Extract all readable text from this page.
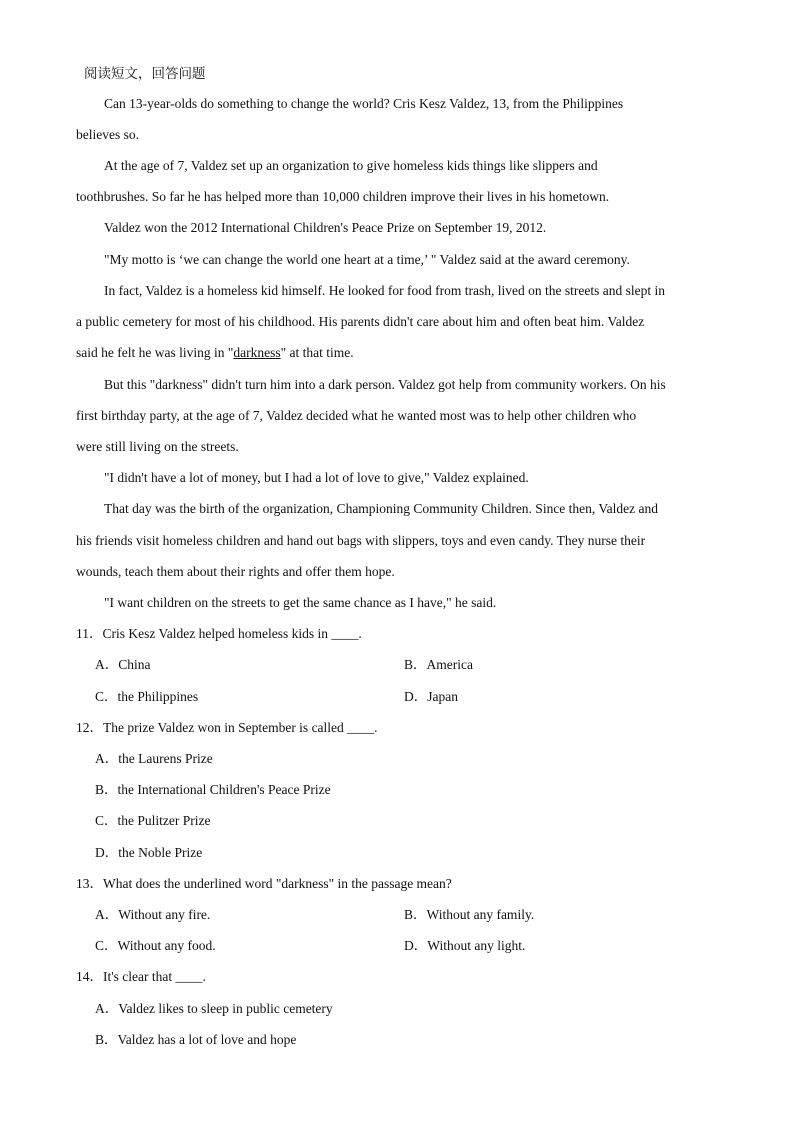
阅读短文，回答问题
Can 13-year-olds do something to change the world? Cris Kesz Valdez, 13, from the Philippines
believes so.
At the age of 7, Valdez set up an organization to give homeless kids things like slippers and
toothbrushes. So far he has helped more than 10,000 children improve their lives in his hometown.
Valdez won the 2012 International Children's Peace Prize on September 19, 2012.
"My motto is ‘we can change the world one heart at a time,’ " Valdez said at the award ceremony.
In fact, Valdez is a homeless kid himself. He looked for food from trash, lived on the streets and slept in
a public cemetery for most of his childhood. His parents didn't care about him and often beat him. Valdez
said he felt he was living in "darkness" at that time.
But this "darkness" didn't turn him into a dark person. Valdez got help from community workers. On his
first birthday party, at the age of 7, Valdez decided what he wanted most was to help other children who
were still living on the streets.
"I didn't have a lot of money, but I had a lot of love to give," Valdez explained.
That day was the birth of the organization, Championing Community Children. Since then, Valdez and
his friends visit homeless children and hand out bags with slippers, toys and even candy. They nurse their
wounds, teach them about their rights and offer them hope.
"I want children on the streets to get the same chance as I have," he said.
11．Cris Kesz Valdez helped homeless kids in ____.
A．China	B．America
C．the Philippines	D．Japan
12．The prize Valdez won in September is called ____.
A．the Laurens Prize
B．the International Children's Peace Prize
C．the Pulitzer Prize
D．the Noble Prize
13．What does the underlined word "darkness" in the passage mean?
A．Without any fire.	B．Without any family.
C．Without any food.	D．Without any light.
14．It's clear that ____.
A．Valdez likes to sleep in public cemetery
B．Valdez has a lot of love and hope
